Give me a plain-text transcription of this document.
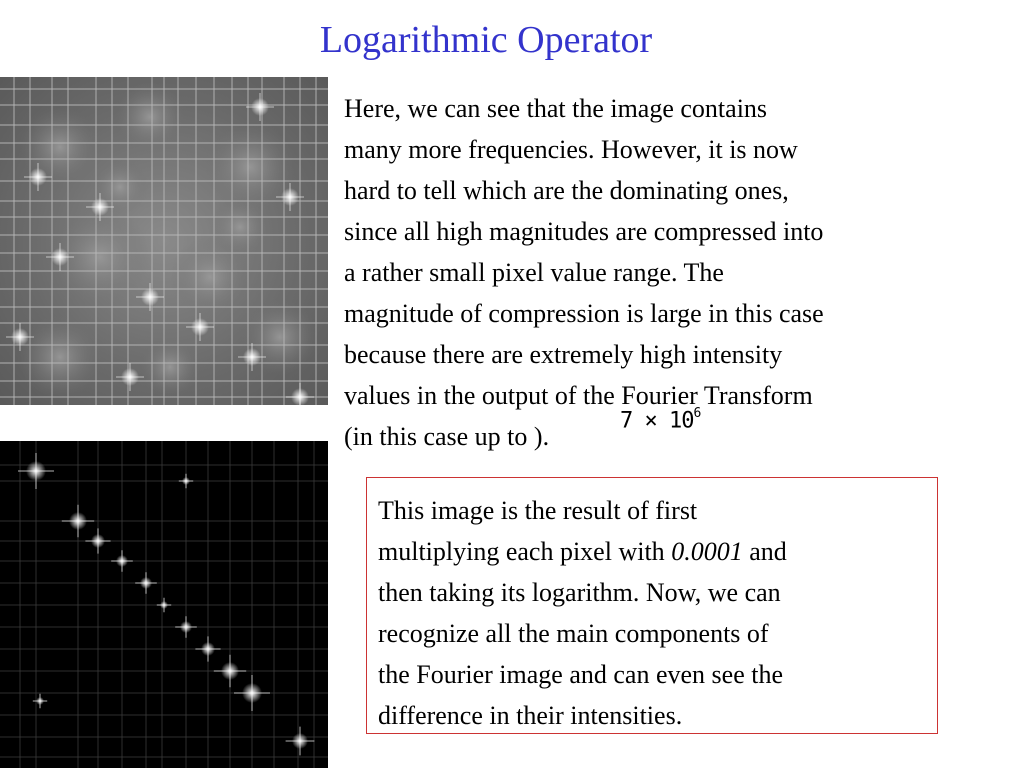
Logarithmic Operator
Here, we can see that the image contains
many more frequencies. However, it is now
hard to tell which are the dominating ones,
since all high magnitudes are compressed into
a rather small pixel value range. The
magnitude of compression is large in this case
because there are extremely high intensity
values in the output of the Fourier Transform
(in this case up to ).
$7 \times 10^6$
This image is the result of first
multiplying each pixel with 0.0001 and
then taking its logarithm. Now, we can
recognize all the main components of
the Fourier image and can even see the
difference in their intensities.
